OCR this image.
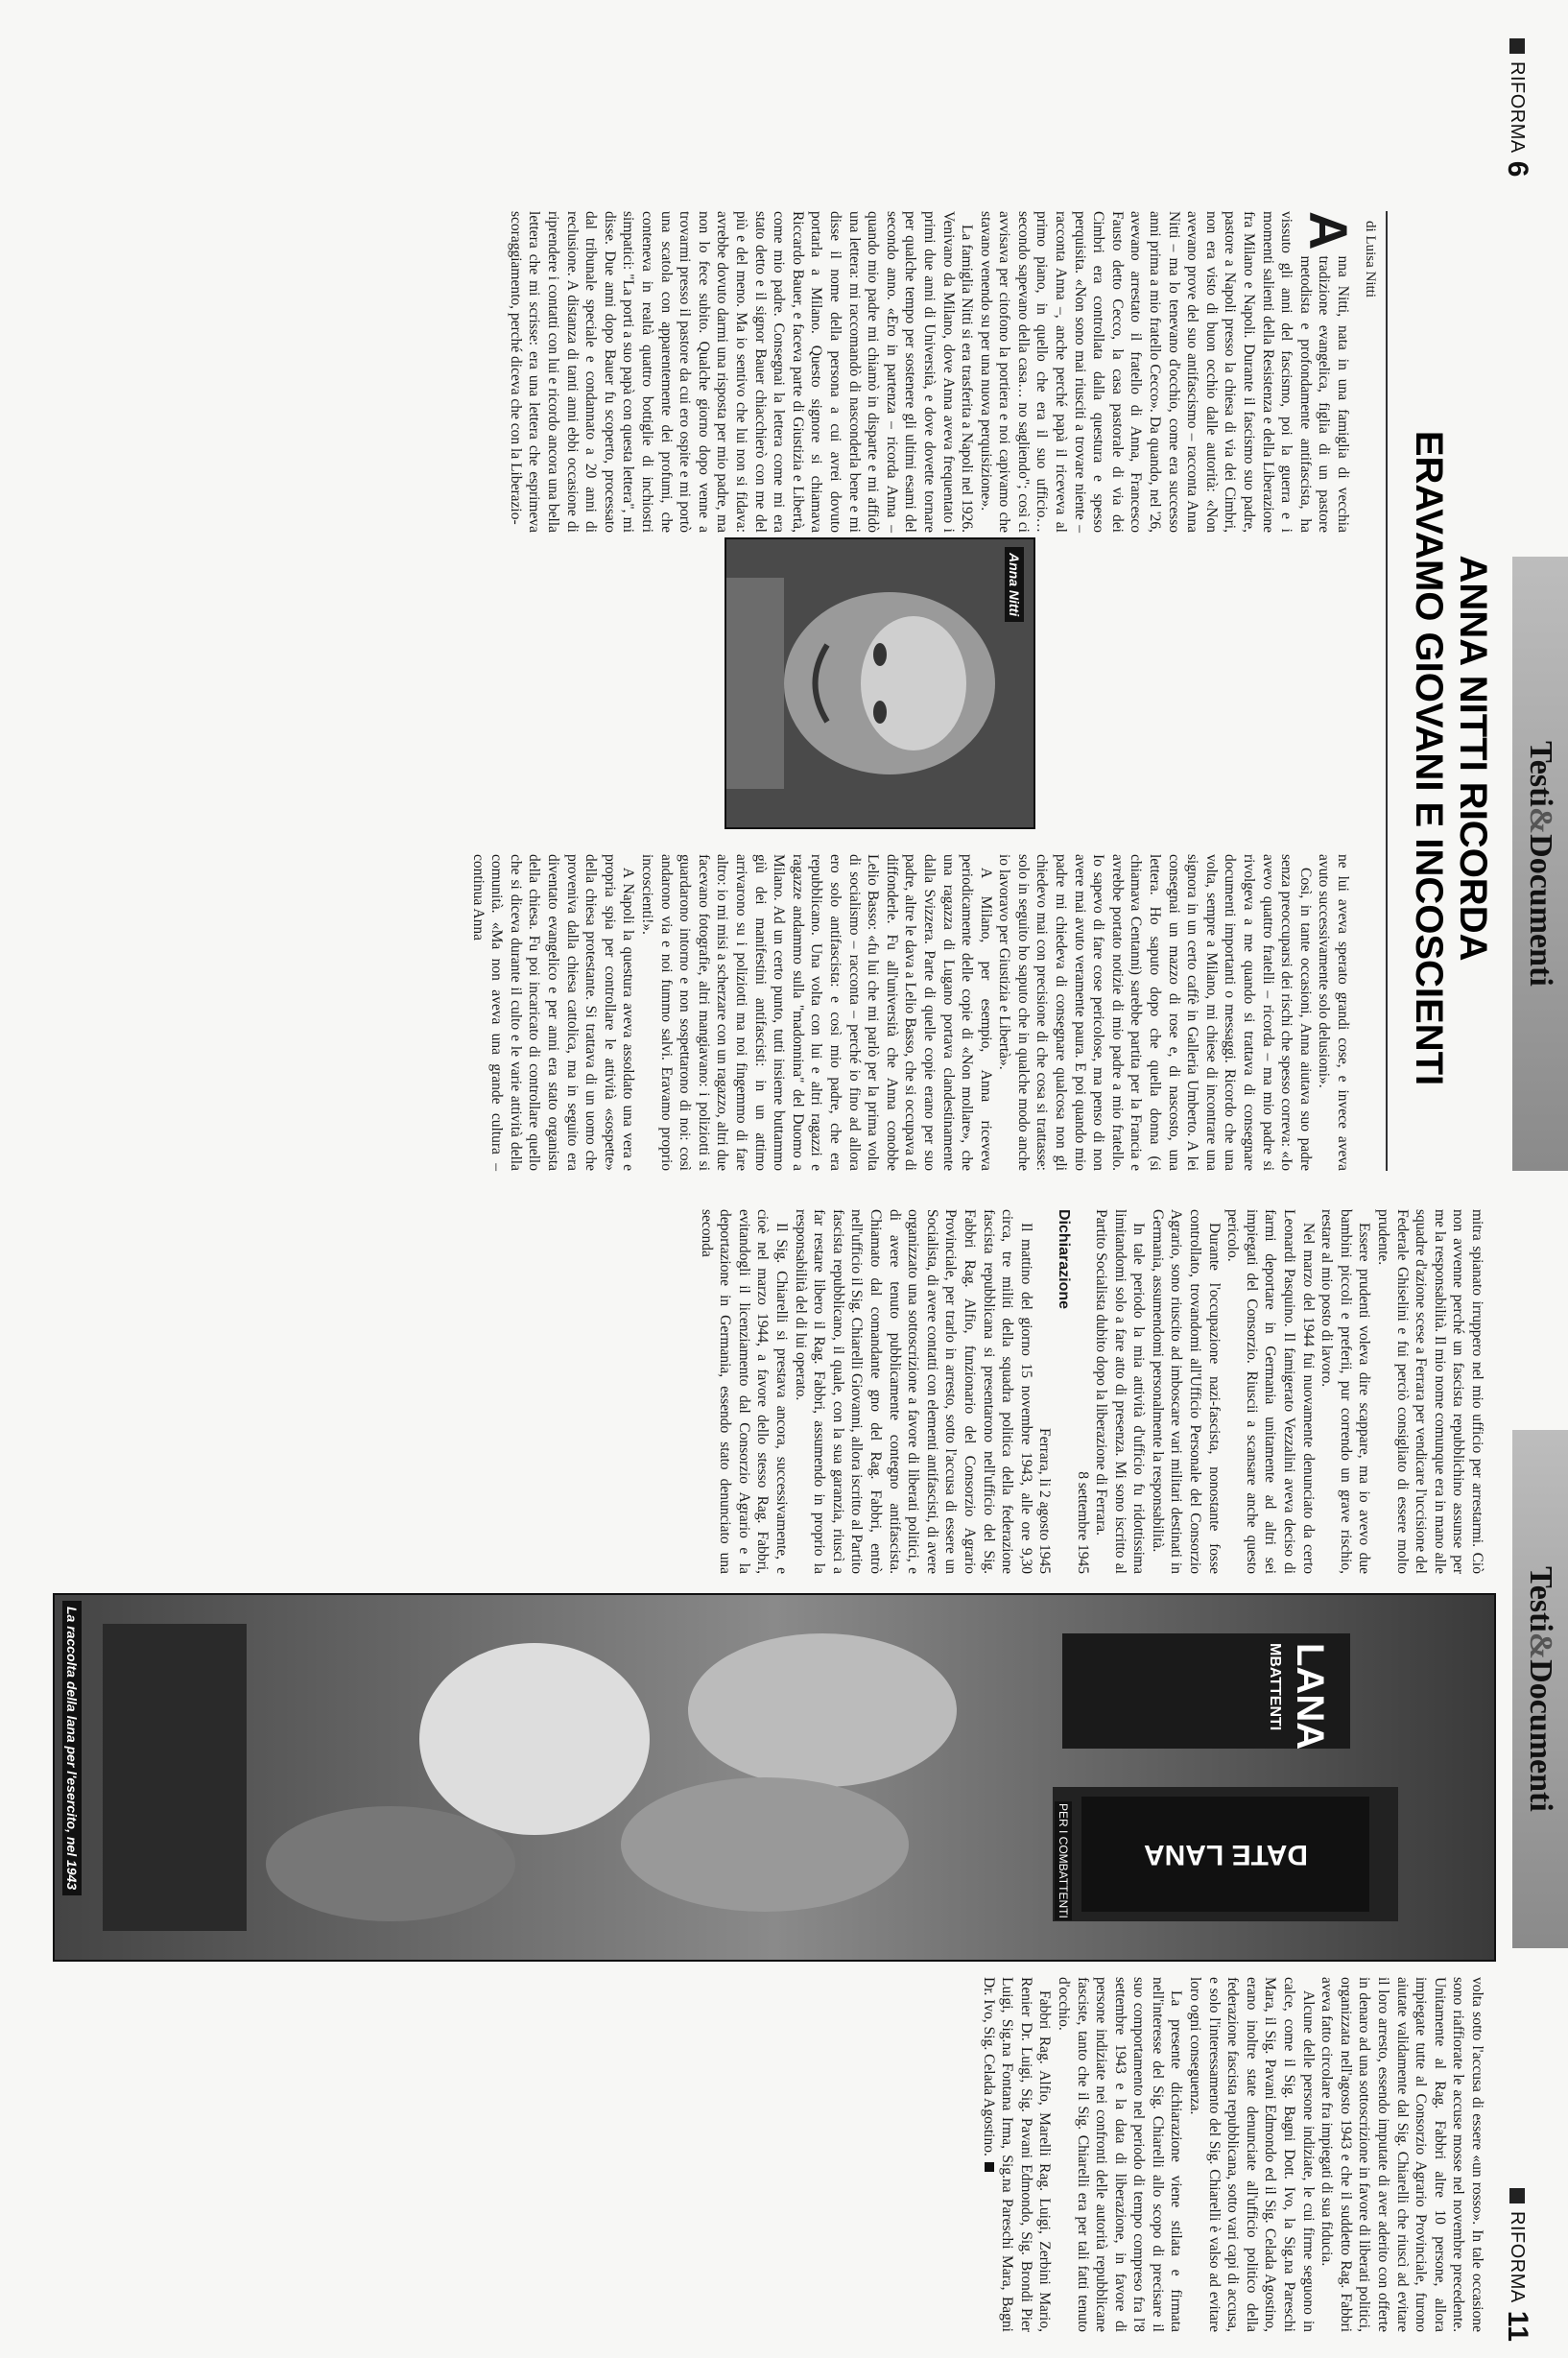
RIFORMA
6
Testi&Documenti
ANNA NITTI RICORDA
ERAVAMO GIOVANI E INCOSCIENTI
di Luisa Nitti
Anna Nitti

A
nna Nitti, nata in una famiglia di vecchia tradizione evangelica, figlia di un pastore metodista e profondamente antifascista, ha vissuto gli anni del fascismo, poi la guerra e i momenti salienti della Resistenza e della Liberazione fra Milano e Napoli. Durante il fascismo suo padre, pastore a Napoli presso la chiesa di via dei Cimbri, non era visto di buon occhio dalle autorità: «Non avevano prove del suo antifascismo – racconta Anna Nitti – ma lo tenevano d'occhio, come era successo anni prima a mio fratello Cecco». Da quando, nel '26, avevano arrestato il fratello di Anna, Francesco Fausto detto Cecco, la casa pastorale di via dei Cimbri era controllata dalla questura e spesso perquisita. «Non sono mai riusciti a trovare niente – racconta Anna –, anche perché papà il riceveva al primo piano, in quello che era il suo ufficio… secondo sapevano della casa… no sagliendo"; così ci avvisava per citofono la portiera e noi capivamo che stavano venendo su per una nuova perquisizione».

La famiglia Nitti si era trasferita a Napoli nel 1926. Venivano da Milano, dove Anna aveva frequentato i primi due anni di Università, e dove dovette tornare per qualche tempo per sostenere gli ultimi esami del secondo anno. «Ero in partenza – ricorda Anna – quando mio padre mi chiamò in disparte e mi affidò una lettera: mi raccomandò di nasconderla bene e mi disse il nome della persona a cui avrei dovuto portarla a Milano. Questo signore si chiamava Riccardo Bauer, e faceva parte di Giustizia e Libertà, come mio padre. Consegnai la lettera come mi era stato detto e il signor Bauer chiacchierò con me del più e del meno. Ma io sentivo che lui non si fidava: avrebbe dovuto darmi una risposta per mio padre, ma non lo fece subito. Qualche giorno dopo venne a trovarmi presso il pastore da cui ero ospite e mi portò una scatola con apparentemente dei profumi, che conteneva in realtà quattro bottiglie di inchiostri simpatici: "La porti a suo papà con questa lettera", mi disse. Due anni dopo Bauer fu scoperto, processato dal tribunale speciale e condannato a 20 anni di reclusione. A distanza di tanti anni ebbi occasione di riprendere i contatti con lui e ricordo ancora una bella lettera che mi scrisse: era una lettera che esprimeva scoraggiamento, perché diceva che con la Liberazio-

ne lui aveva sperato grandi cose, e invece aveva avuto successivamente solo delusioni».

Così, in tante occasioni, Anna aiutava suo padre senza preoccuparsi dei rischi che spesso correva: «Io avevo quattro fratelli – ricorda – ma mio padre si rivolgeva a me quando si trattava di consegnare documenti importanti o messaggi. Ricordo che una volta, sempre a Milano, mi chiese di incontrare una signora in un certo caffè in Galleria Umberto. A lei consegnai un mazzo di rose e, di nascosto, una lettera. Ho saputo dopo che quella donna (si chiamava Centanni) sarebbe partita per la Francia e avrebbe portato notizie di mio padre a mio fratello. Io sapevo di fare cose pericolose, ma penso di non avere mai avuto veramente paura. E poi quando mio padre mi chiedeva di consegnare qualcosa non gli chiedevo mai con precisione di che cosa si trattasse: solo in seguito ho saputo che in qualche modo anche io lavoravo per Giustizia e Libertà».

A Milano, per esempio, Anna riceveva periodicamente delle copie di «Non mollare», che una ragazza di Lugano portava clandestinamente dalla Svizzera. Parte di quelle copie erano per suo padre, altre le dava a Lelio Basso, che si occupava di diffonderle. Fu all'università che Anna conobbe Lelio Basso: «fu lui che mi parlò per la prima volta di socialismo – racconta – perché io fino ad allora ero solo antifascista: e così mio padre, che era repubblicano. Una volta con lui e altri ragazzi e ragazze andammo sulla "madonnina" del Duomo a Milano. Ad un certo punto, tutti insieme buttammo giù dei manifestini antifascisti: in un attimo arrivarono su i poliziotti ma noi fingemmo di fare altro: io mi misi a scherzare con un ragazzo, altri due facevano fotografie, altri mangiavano: i poliziotti si guardarono intorno e non sospettarono di noi: così andarono via e noi fummo salvi. Eravamo proprio incoscienti!».

A Napoli la questura aveva assoldato una vera e propria spia per controllare le attività «sospette» della chiesa protestante. Si trattava di un uomo che proveniva dalla chiesa cattolica, ma in seguito era diventato evangelico e per anni era stato organista della chiesa. Fu poi incaricato di controllare quello che si diceva durante il culto e le varie attività della comunità. «Ma non aveva una grande cultura – continua Anna

Testi&Documenti
RIFORMA
11

mitra spianato irruppero nel mio ufficio per arrestarmi. Ciò non avvenne perché un fascista repubblichino assunse per me la responsabilità. Il mio nome comunque era in mano alle squadre d'azione scese a Ferrara per vendicare l'uccisione del Federale Ghiselini e fui perciò consigliato di essere molto prudente.

Essere prudenti voleva dire scappare, ma io avevo due bambini piccoli e preferii, pur correndo un grave rischio, restare al mio posto di lavoro.

Nel marzo del 1944 fui nuovamente denunciato da certo Leonardi Pasquino. Il famigerato Vezzalini aveva deciso di farmi deportare in Germania unitamente ad altri sei impiegati del Consorzio. Riuscii a scansare anche questo pericolo.

Durante l'occupazione nazi-fascista, nonostante fosse controllato, trovandomi all'Ufficio Personale del Consorzio Agrario, sono riuscito ad imboscare vari militari destinati in Germania, assumendomi personalmente la responsabilità.

In tale periodo la mia attività d'ufficio fu ridottissima limitandomi solo a fare atto di presenza. Mi sono iscritto al Partito Socialista dubito dopo la liberazione di Ferrara.

8 settembre 1945

Dichiarazione

Ferrara, li 2 agosto 1945

Il mattino del giorno 15 novembre 1943, alle ore 9,30 circa, tre militi della squadra politica della federazione fascista repubblicana si presentarono nell'ufficio del Sig. Fabbri Rag. Alfio, funzionario del Consorzio Agrario Provinciale, per trarlo in arresto, sotto l'accusa di essere un Socialista, di avere contatti con elementi antifascisti, di avere organizzato una sottoscrizione a favore di liberati politici, e di avere tenuto pubblicamente contegno antifascista. Chiamato dal comandante gno del Rag. Fabbri, entrò nell'ufficio il Sig. Chiarelli Giovanni, allora iscritto al Partito fascista repubblicano, il quale, con la sua garanzia, riuscì a far restare libero il Rag. Fabbri, assumendo in proprio la responsabilità del di lui operato.

Il Sig. Chiarelli si prestava ancora, successivamente, e cioè nel marzo 1944, a favore dello stesso Rag. Fabbri, evitandogli il licenziamento dal Consorzio Agrario e la deportazione in Germania, essendo stato denunciato una seconda

DATE LANA
PER I COMBATTENTI
LANA
MBATTENTI
La raccolta della lana per l'esercito, nel 1943

volta sotto l'accusa di essere «un rosso». In tale occasione sono riaffiorate le accuse mosse nel novembre precedente. Unitamente al Rag. Fabbri altre 10 persone, allora impiegate tutte al Consorzio Agrario Provinciale, furono aiutate validamente dal Sig. Chiarelli che riuscì ad evitare il loro arresto, essendo imputate di aver aderito con offerte in denaro ad una sottoscrizione in favore di liberati politici, organizzata nell'agosto 1943 e che il suddetto Rag. Fabbri aveva fatto circolare fra impiegati di sua fiducia.

Alcune delle persone indiziate, le cui firme seguono in calce, come il Sig. Bagni Dott. Ivo, la Sig.na Pareschi Mara, il Sig. Pavani Edmondo ed il Sig. Celada Agostino, erano inoltre state denunciate all'ufficio politico della federazione fascista repubblicana, sotto vari capi di accusa, e solo l'interessamento del Sig. Chiarelli è valso ad evitare loro ogni conseguenza.

La presente dichiarazione viene stilata e firmata nell'interesse del Sig. Chiarelli allo scopo di precisare il suo comportamento nel periodo di tempo compreso fra l'8 settembre 1943 e la data di liberazione, in favore di persone indiziate nei confronti delle autorità repubblicane fasciste, tanto che il Sig. Chiarelli era per tali fatti tenuto d'occhio.

Fabbri Rag. Alfio, Marelli Rag. Luigi, Zerbini Mario, Renier Dr. Luigi, Sig. Pavani Edmondo, Sig. Brondi Pier Luigi, Sig.na Fontana Irma, Sig.na Pareschi Mara, Bagni Dr. Ivo, Sig. Celada Agostino.
